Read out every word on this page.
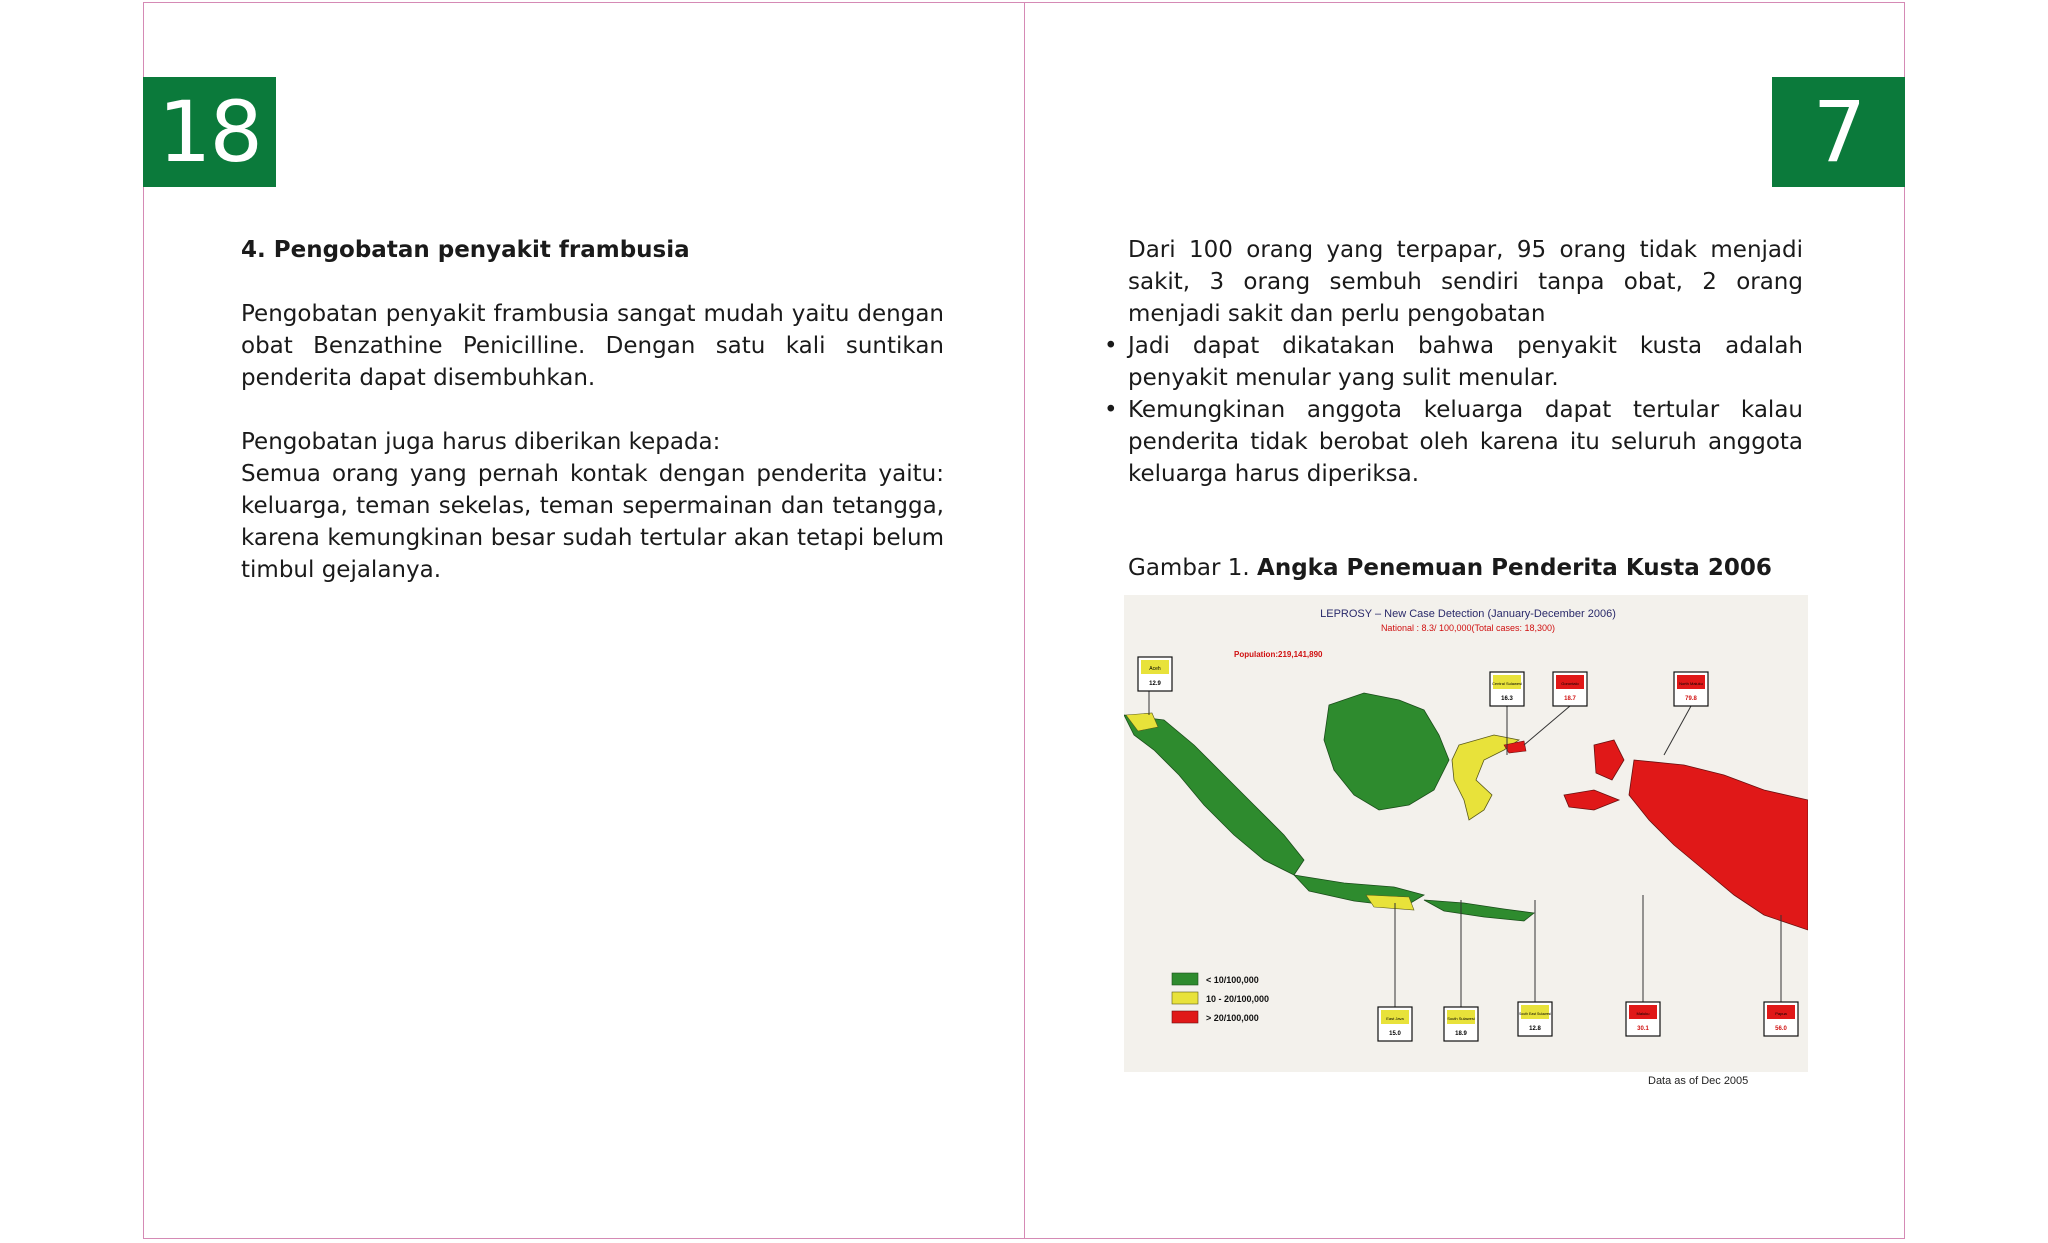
18

4. Pengobatan penyakit frambusia

Pengobatan penyakit frambusia sangat mudah yaitu dengan obat Benzathine Penicilline. Dengan satu kali suntikan penderita dapat disembuhkan.

Pengobatan juga harus diberikan kepada:

Semua orang yang pernah kontak dengan penderita yaitu: keluarga, teman sekelas, teman sepermainan dan tetangga, karena kemungkinan besar sudah tertular akan tetapi belum timbul gejalanya.

7

Dari 100 orang yang terpapar, 95 orang tidak menjadi sakit, 3 orang sembuh sendiri tanpa obat, 2 orang menjadi sakit dan perlu pengobatan

• Jadi dapat dikatakan bahwa penyakit kusta adalah penyakit menular yang sulit menular.
• Kemungkinan anggota keluarga dapat tertular kalau penderita tidak berobat oleh karena itu seluruh anggota keluarga harus diperiksa.
Gambar 1. Angka Penemuan Penderita Kusta 2006
LEPROSY – New Case Detection (January-December 2006)
National : 8.3/ 100,000(Total cases: 18,300)
Population:219,141,890
< 10/100,000
10 - 20/100,000
> 20/100,000
Aceh
12.9	Central Sulawesi
16.3
Gorontalo
18.7
North Maluku
79.8
East Java
15.0
South Sulawesi
18.9
South East Sulawesi
12.8
Maluku
30.1
Papua
56.0
Data as of Dec 2005
